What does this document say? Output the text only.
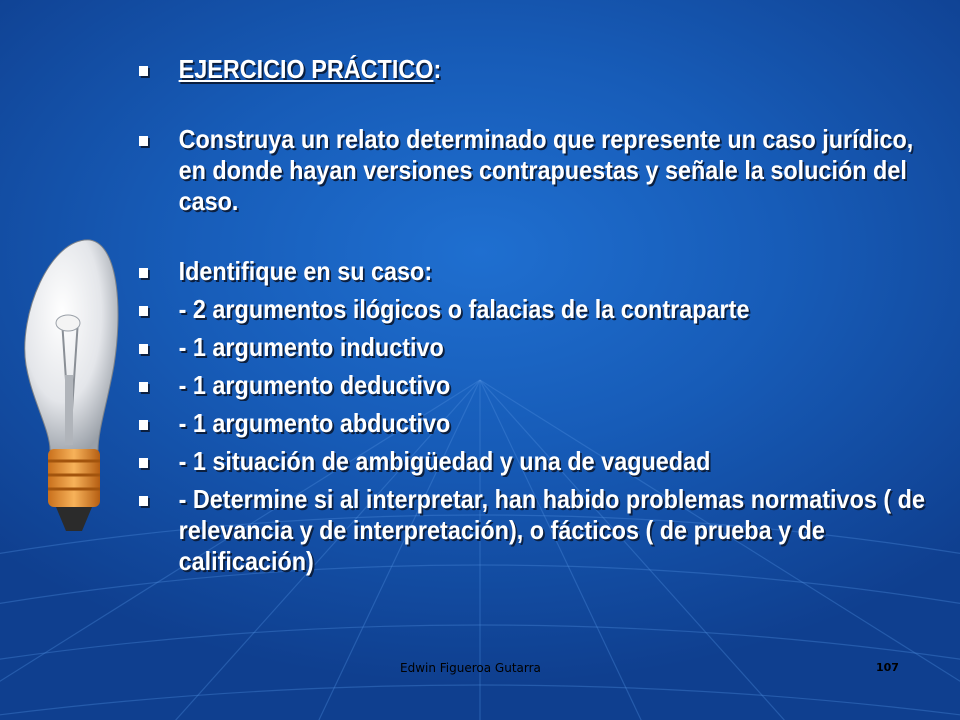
EJERCICIO PRÁCTICO:
Construya un relato determinado que represente un caso jurídico, en donde hayan versiones contrapuestas y señale la solución del caso.
Identifique en su caso:
- 2 argumentos ilógicos o falacias de la contraparte
- 1 argumento inductivo
- 1 argumento deductivo
- 1 argumento abductivo
- 1 situación de ambigüedad y una de vaguedad
- Determine si al interpretar, han habido problemas normativos ( de relevancia y de interpretación), o fácticos ( de prueba y de calificación)
Edwin Figueroa Gutarra	107
